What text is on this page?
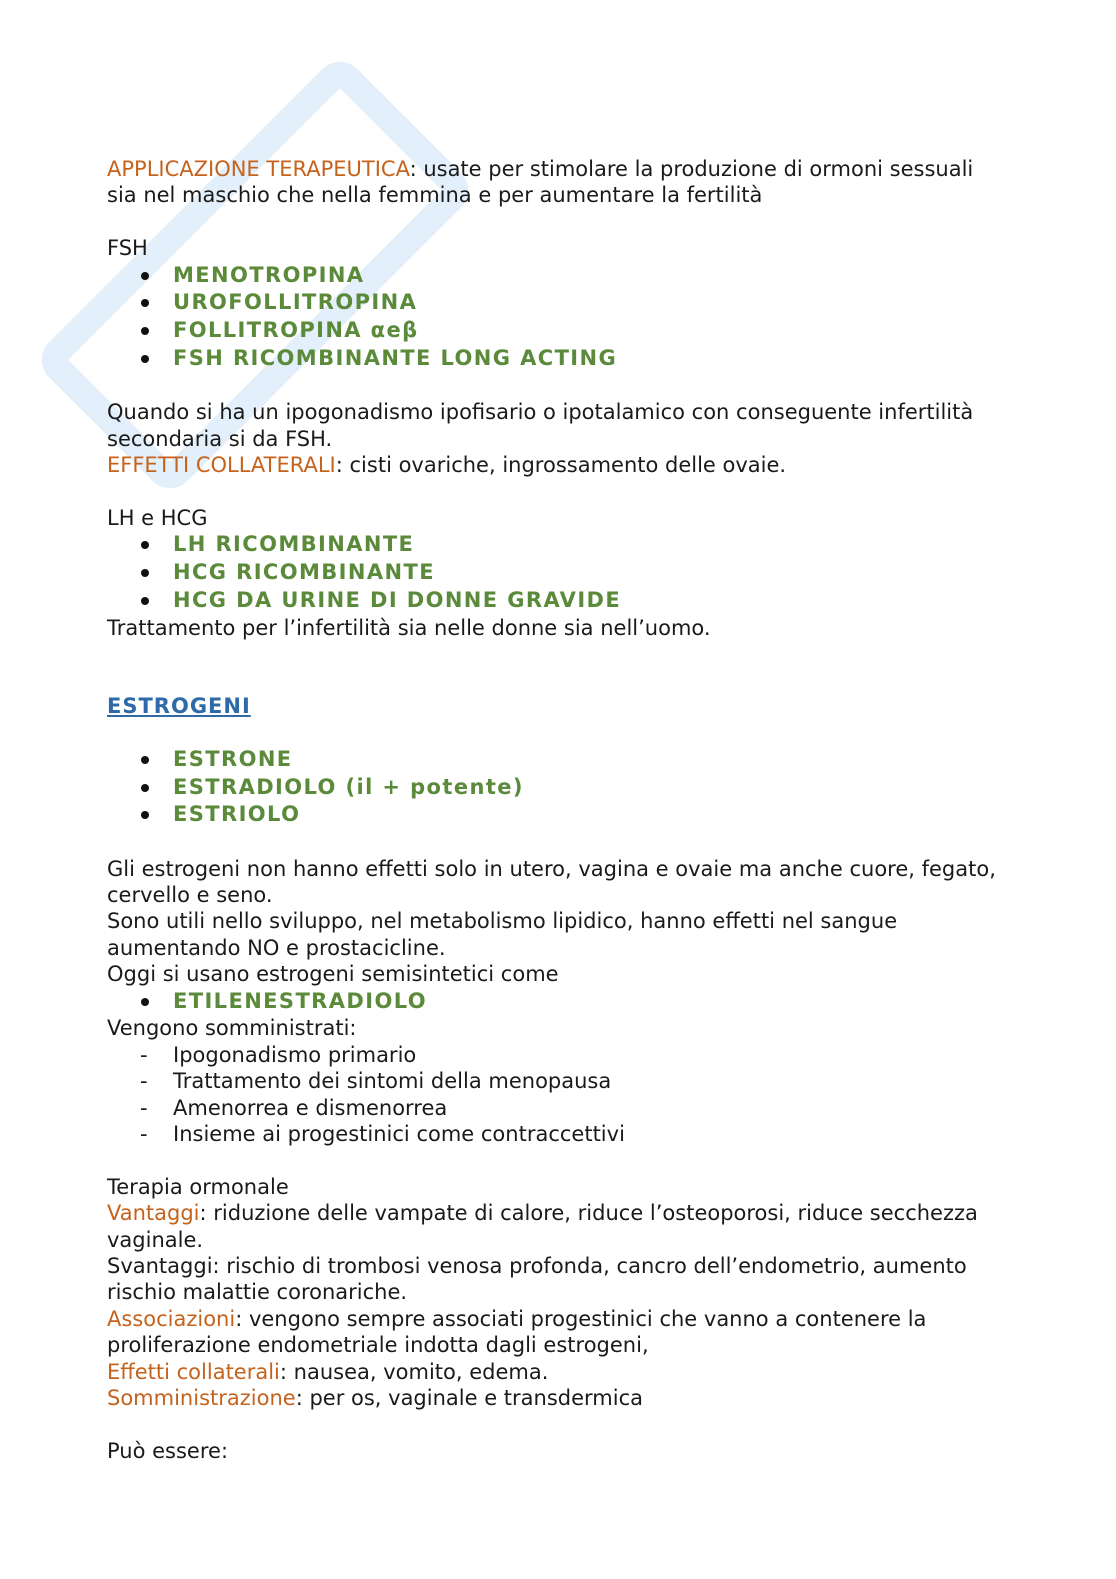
APPLICAZIONE TERAPEUTICA: usate per stimolare la produzione di ormoni sessuali sia nel maschio che nella femmina e per aumentare la fertilità

FSH

MENOTROPINA
UROFOLLITROPINA
FOLLITROPINA αeβ
FSH RICOMBINANTE LONG ACTING

Quando si ha un ipogonadismo ipofisario o ipotalamico con conseguente infertilità secondaria si da FSH.

EFFETTI COLLATERALI: cisti ovariche, ingrossamento delle ovaie.

LH e HCG

LH RICOMBINANTE
HCG RICOMBINANTE
HCG DA URINE DI DONNE GRAVIDE

Trattamento per l’infertilità sia nelle donne sia nell’uomo.

ESTROGENI

ESTRONE
ESTRADIOLO (il + potente)
ESTRIOLO

Gli estrogeni non hanno effetti solo in utero, vagina e ovaie ma anche cuore, fegato, cervello e seno.

Sono utili nello sviluppo, nel metabolismo lipidico, hanno effetti nel sangue aumentando NO e prostacicline.

Oggi si usano estrogeni semisintetici come

ETILENESTRADIOLO

Vengono somministrati:

- Ipogonadismo primario
- Trattamento dei sintomi della menopausa
- Amenorrea e dismenorrea
- Insieme ai progestinici come contraccettivi

Terapia ormonale

Vantaggi: riduzione delle vampate di calore, riduce l’osteoporosi, riduce secchezza vaginale.

Svantaggi: rischio di trombosi venosa profonda, cancro dell’endometrio, aumento rischio malattie coronariche.

Associazioni: vengono sempre associati progestinici che vanno a contenere la proliferazione endometriale indotta dagli estrogeni,

Effetti collaterali: nausea, vomito, edema.

Somministrazione: per os, vaginale e transdermica

Può essere:
